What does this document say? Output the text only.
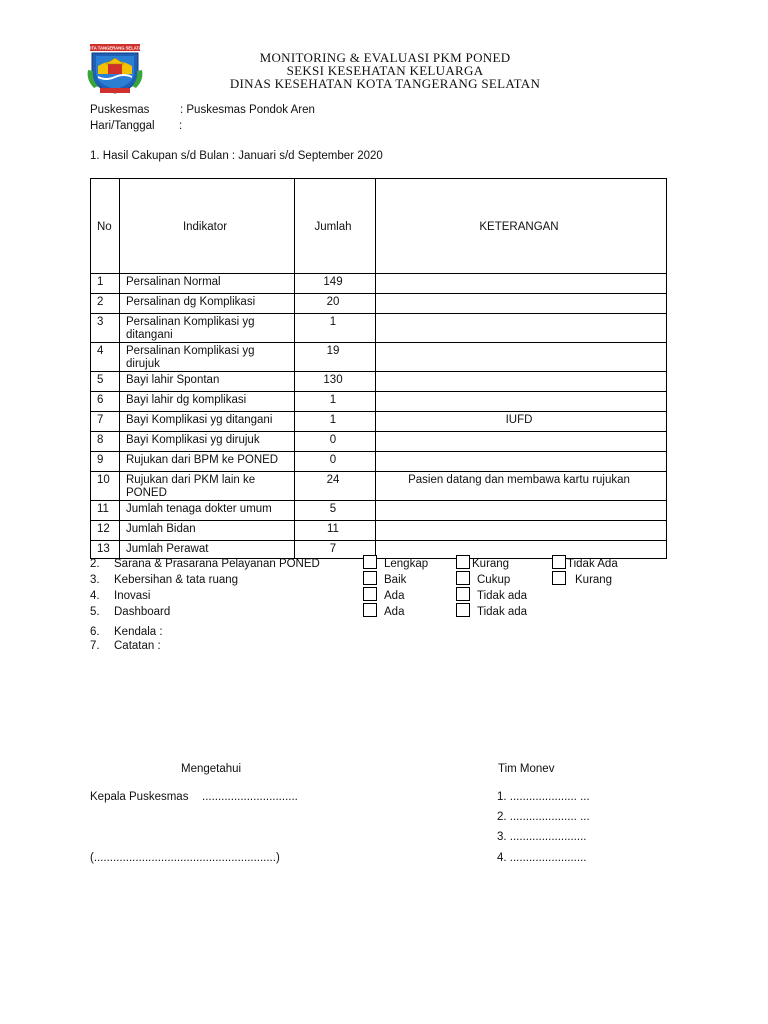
KOTA TANGERANG SELATAN
MONITORING & EVALUASI PKM PONED
SEKSI KESEHATAN KELUARGA
DINAS KESEHATAN KOTA TANGERANG SELATAN
Puskesmas	: Puskesmas Pondok Aren
Hari/Tanggal :
1. Hasil Cakupan s/d Bulan : Januari s/d September 2020
No	Indikator	Jumlah	KETERANGAN

1	Persalinan Normal	149	

2	Persalinan dg Komplikasi	20	

3	Persalinan Komplikasi yg ditangani	1	

4	Persalinan Komplikasi yg dirujuk	19	

5	Bayi lahir Spontan	130	

6	Bayi lahir dg komplikasi	1	

7	Bayi Komplikasi yg ditangani	1	IUFD

8	Bayi Komplikasi yg dirujuk	0	

9	Rujukan dari BPM ke PONED	0	

10	Rujukan dari PKM lain ke PONED	24	Pasien datang dan membawa kartu rujukan

11	Jumlah tenaga dokter umum	5	

12	Jumlah Bidan	11	

13	Jumlah Perawat	7	

2. Sarana & Prasarana Pelayanan PONED	Lengkap	Kurang	Tidak Ada
3. Kebersihan & tata ruang	Baik	Cukup	Kurang
4. Inovasi	Ada	Tidak ada
5. Dashboard	Ada	Tidak ada
6. Kendala :
7. Catatan :
Mengetahui
Kepala Puskesmas ..............................
(.........................................................)
Tim Monev
1. ..................... ...
2. ..................... ...
3. ........................
4. ........................
